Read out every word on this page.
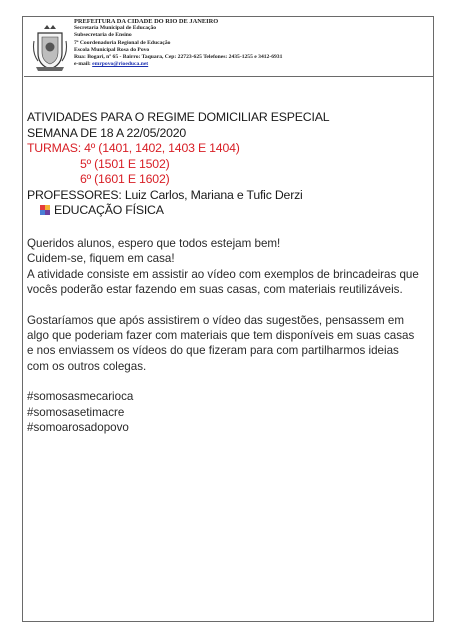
PREFEITURA DA CIDADE DO RIO DE JANEIRO
Secretaria Municipal de Educação
Subsecretaria de Ensino
7ª Coordenadoria Regional de Educação
Escola Municipal Rosa do Povo
Rua: Bogari, nº 65 - Bairro: Taquara, Cep: 22723-625 Telefones: 2435-1255 e 3412-6931
e-mail: emrpovo@rioeduca.net

ATIVIDADES PARA O REGIME DOMICILIAR ESPECIAL

SEMANA DE 18 A 22/05/2020

TURMAS: 4º (1401, 1402, 1403 E 1404)

5º (1501 E 1502)

6º (1601 E 1602)

PROFESSORES: Luiz Carlos, Mariana e Tufic Derzi

EDUCAÇÃO FÍSICA

Queridos alunos, espero que todos estejam bem!

Cuidem-se, fiquem em casa!

A atividade consiste em assistir ao vídeo com exemplos de brincadeiras que vocês poderão estar fazendo em suas casas, com materiais reutilizáveis.

Gostaríamos que após assistirem o vídeo das sugestões, pensassem em algo que poderiam fazer com materiais que tem disponíveis em suas casas e nos enviassem os vídeos do que fizeram para com partilharmos ideias com os outros colegas.

#somosasmecarioca

#somosasetimacre

#somoarosadopovo
